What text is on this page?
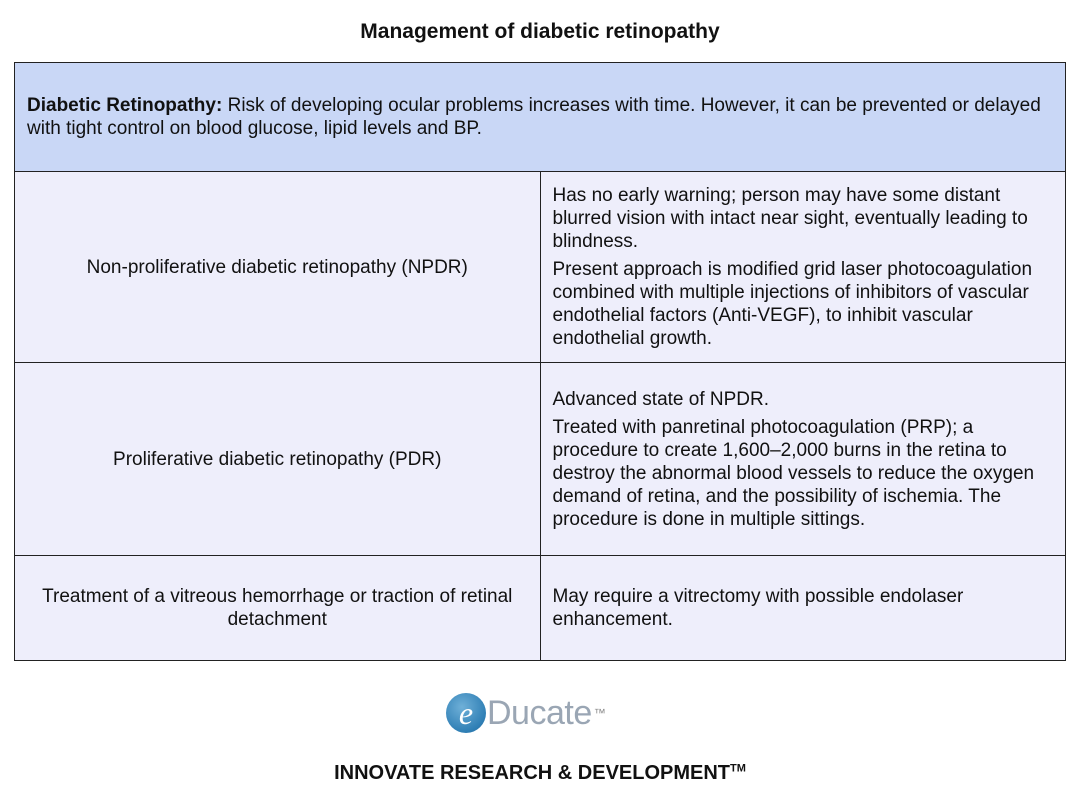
Management of diabetic retinopathy

Diabetic Retinopathy: Risk of developing ocular problems increases with time. However, it can be prevented or delayed with tight control on blood glucose, lipid levels and BP.	

Non-proliferative diabetic retinopathy (NPDR)	Has no early warning; person may have some distant blurred vision with intact near sight, eventually leading to blindness.

Present approach is modified grid laser photocoagulation combined with multiple injections of inhibitors of vascular endothelial factors (Anti-VEGF), to inhibit vascular endothelial growth.

Proliferative diabetic retinopathy (PDR)	Advanced state of NPDR.

Treated with panretinal photocoagulation (PRP); a procedure to create 1,600–2,000 burns in the retina to destroy the abnormal blood vessels to reduce the oxygen demand of retina, and the possibility of ischemia. The procedure is done in multiple sittings.

Treatment of a vitreous hemorrhage or traction of retinal detachment	May require a vitrectomy with possible endolaser enhancement.

e Ducate ™
INNOVATE RESEARCH & DEVELOPMENT™
